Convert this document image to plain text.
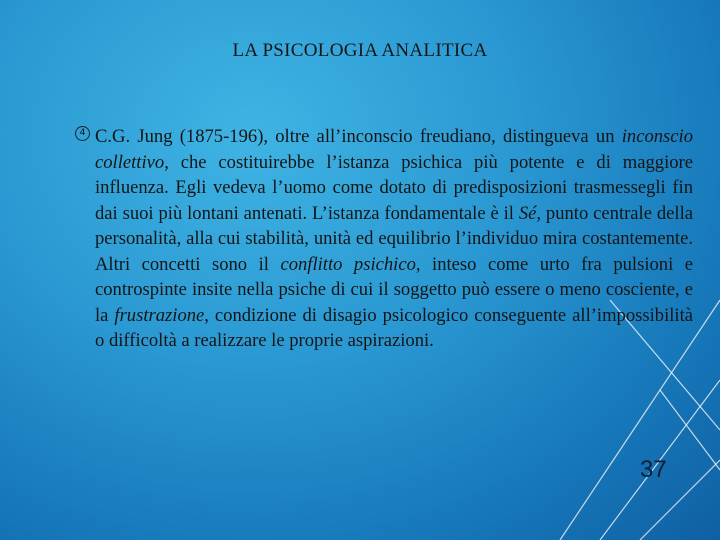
LA PSICOLOGIA ANALITICA
4 C.G. Jung (1875-196), oltre all’inconscio freudiano, distingueva un inconscio collettivo, che costituirebbe l’istanza psichica più potente e di maggiore influenza. Egli vedeva l’uomo come dotato di predisposizioni trasmessegli fin dai suoi più lontani antenati. L’istanza fondamentale è il Sé, punto centrale della personalità, alla cui stabilità, unità ed equilibrio l’individuo mira costantemente. Altri concetti sono il conflitto psichico, inteso come urto fra pulsioni e controspinte insite nella psiche di cui il soggetto può essere o meno cosciente, e la frustrazione, condizione di disagio psicologico conseguente all’impossibilità o difficoltà a realizzare le proprie aspirazioni.
37
